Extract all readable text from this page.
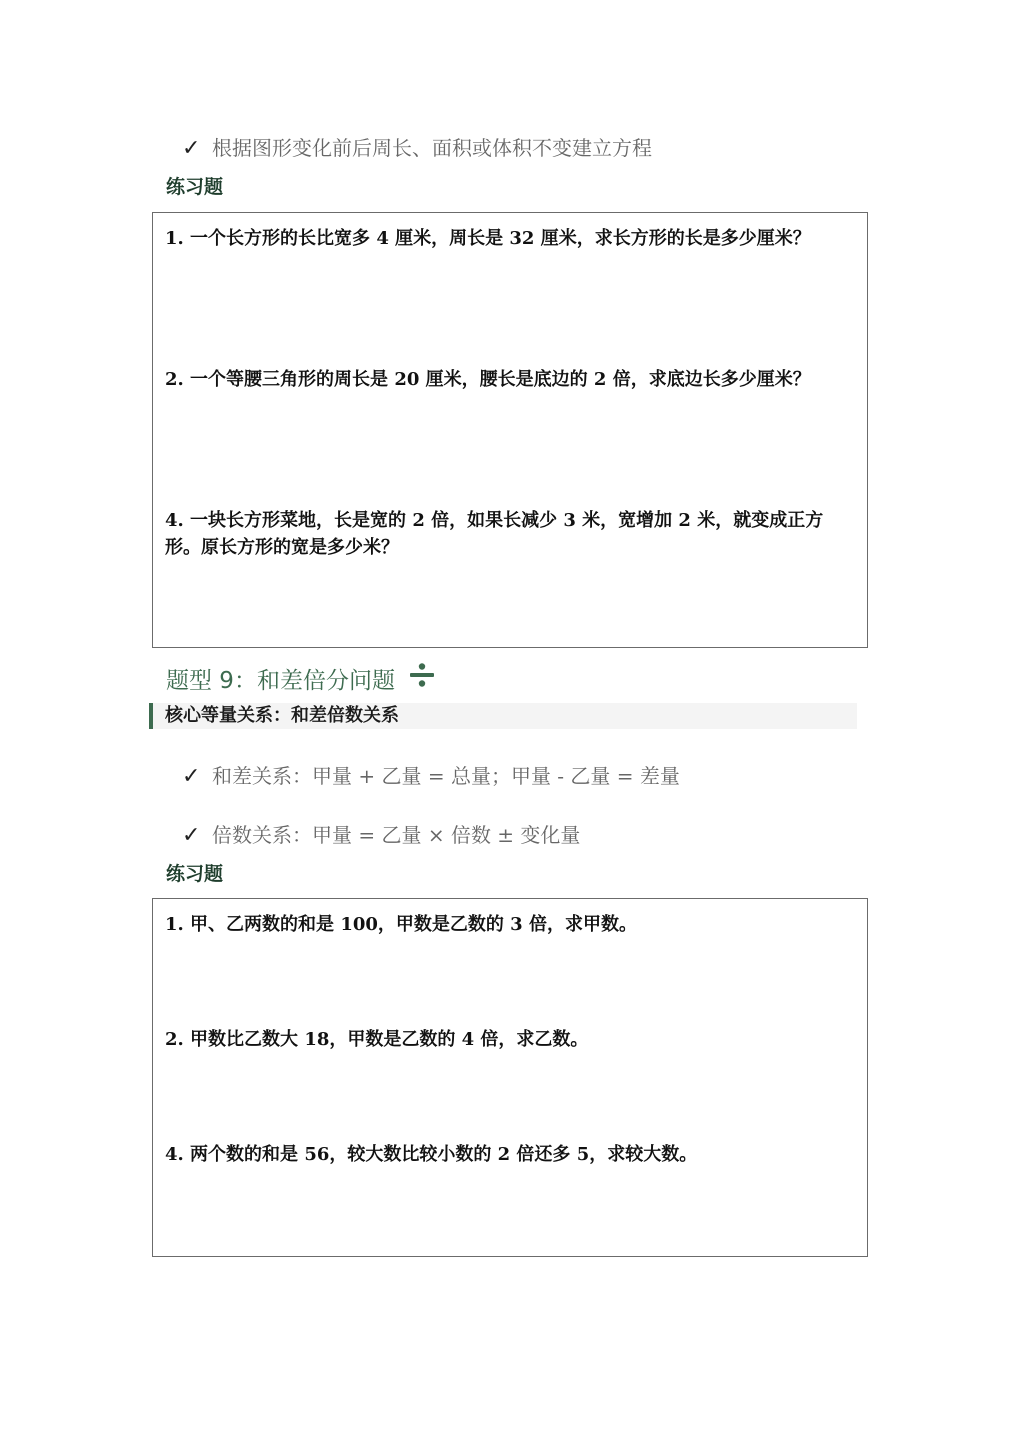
✓ 根据图形变化前后周长、面积或体积不变建立方程
练习题
1. 一个长方形的长比宽多 4 厘米，周长是 32 厘米，求长方形的长是多少厘米？
2. 一个等腰三角形的周长是 20 厘米，腰长是底边的 2 倍，求底边长多少厘米？
4. 一块长方形菜地，长是宽的 2 倍，如果长减少 3 米，宽增加 2 米，就变成正方形。原长方形的宽是多少米？
题型 9：和差倍分问题
核心等量关系：和差倍数关系
✓ 和差关系：甲量 + 乙量 = 总量；甲量 - 乙量 = 差量
✓ 倍数关系：甲量 = 乙量 × 倍数 ± 变化量
练习题
1. 甲、乙两数的和是 100，甲数是乙数的 3 倍，求甲数。
2. 甲数比乙数大 18，甲数是乙数的 4 倍，求乙数。
4. 两个数的和是 56，较大数比较小数的 2 倍还多 5，求较大数。
